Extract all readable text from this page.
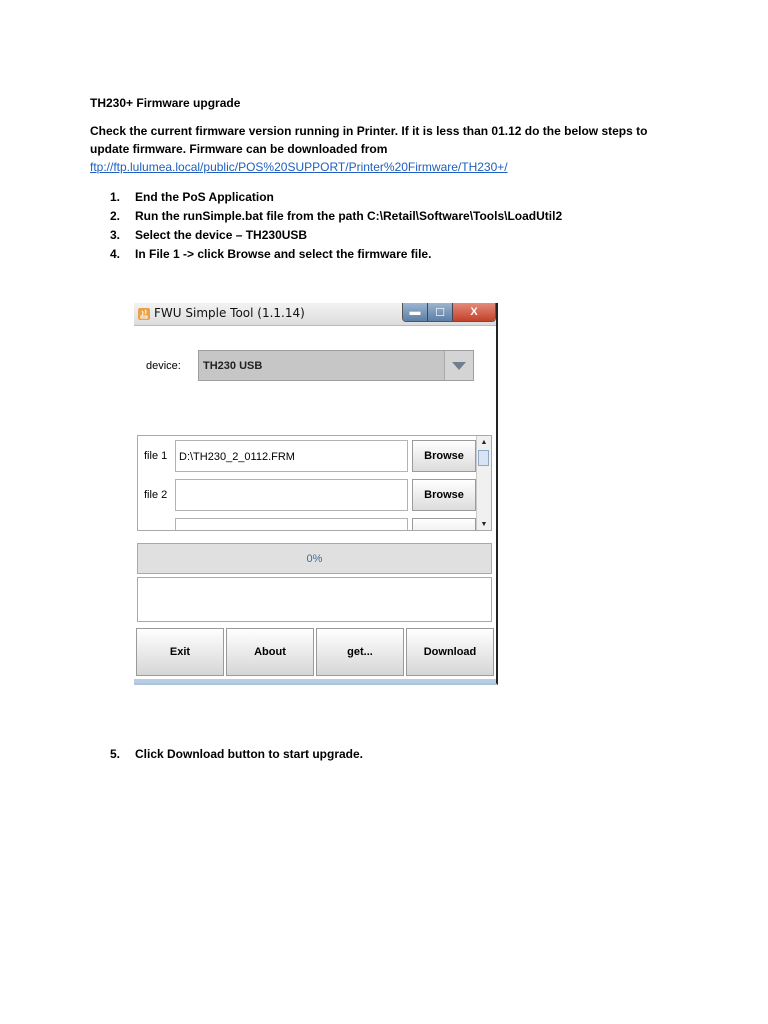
TH230+ Firmware upgrade
Check the current firmware version running in Printer. If it is less than 01.12 do the below steps to update firmware. Firmware can be downloaded from
ftp://ftp.lulumea.local/public/POS%20SUPPORT/Printer%20Firmware/TH230+/
1.	End the PoS Application
2.	Run the runSimple.bat file from the path C:\Retail\Software\Tools\LoadUtil2
3.	Select the device – TH230USB
4.	In File 1 -> click Browse and select the firmware file.
FWU Simple Tool (1.1.14)	▬	☐	X
device: TH230 USB
file 1	D:\TH230_2_0112.FRM	Browse
file 2	Browse
▲
▼
0%
Exit	About	get...	Download
5.	Click Download button to start upgrade.
